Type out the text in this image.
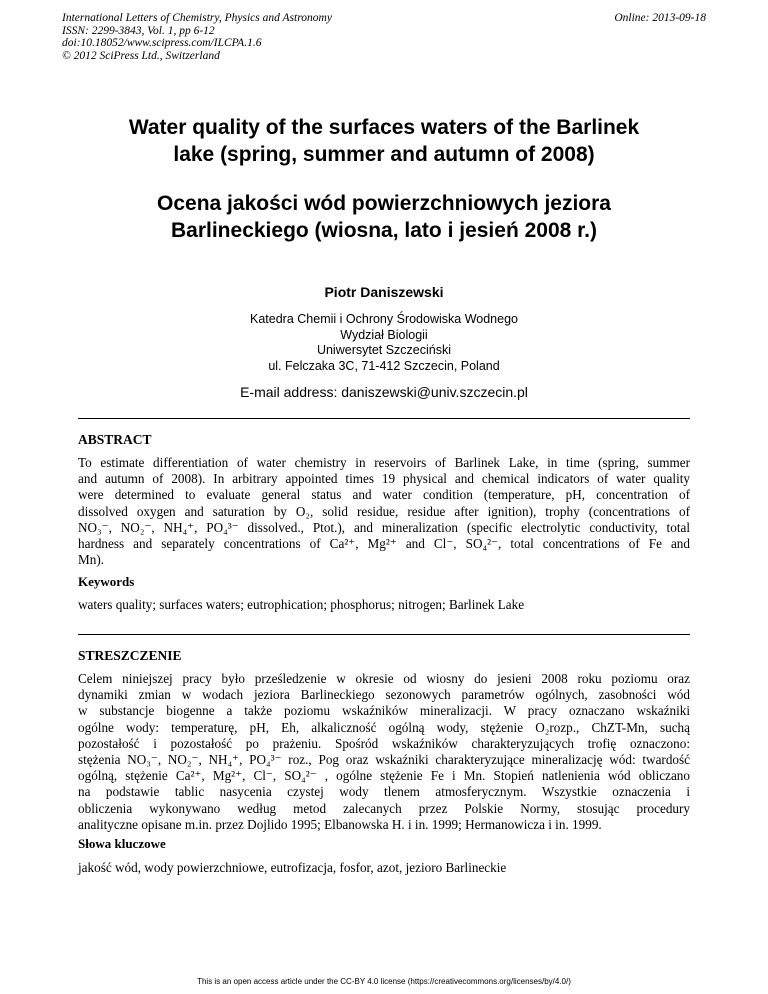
International Letters of Chemistry, Physics and Astronomy
ISSN: 2299-3843, Vol. 1, pp 6-12
doi:10.18052/www.scipress.com/ILCPA.1.6
© 2012 SciPress Ltd., Switzerland
Online: 2013-09-18
Water quality of the surfaces waters of the Barlinek
lake (spring, summer and autumn of 2008)
Ocena jakości wód powierzchniowych jeziora
Barlineckiego (wiosna, lato i jesień 2008 r.)
Piotr Daniszewski
Katedra Chemii i Ochrony Środowiska Wodnego
Wydział Biologii
Uniwersytet Szczeciński
ul. Felczaka 3C, 71-412 Szczecin, Poland
E-mail address: daniszewski@univ.szczecin.pl
ABSTRACT
To estimate differentiation of water chemistry in reservoirs of Barlinek Lake, in time (spring, summer
and autumn of 2008). In arbitrary appointed times 19 physical and chemical indicators of water quality
were determined to evaluate general status and water condition (temperature, pH, concentration of
dissolved oxygen and saturation by O₂, solid residue, residue after ignition), trophy (concentrations of
NO₃⁻, NO₂⁻, NH₄⁺, PO₄³⁻ dissolved., Ptot.), and mineralization (specific electrolytic conductivity, total
hardness and separately concentrations of Ca²⁺, Mg²⁺ and Cl⁻, SO₄²⁻, total concentrations of Fe and
Mn).
Keywords
waters quality; surfaces waters; eutrophication; phosphorus; nitrogen; Barlinek Lake
STRESZCZENIE
Celem niniejszej pracy było prześledzenie w okresie od wiosny do jesieni 2008 roku poziomu oraz
dynamiki zmian w wodach jeziora Barlineckiego sezonowych parametrów ogólnych, zasobności wód
w substancje biogenne a także poziomu wskaźników mineralizacji. W pracy oznaczano wskaźniki
ogólne wody: temperaturę, pH, Eh, alkaliczność ogólną wody, stężenie O₂rozp., ChZT-Mn, suchą
pozostałość i pozostałość po prażeniu. Spośród wskaźników charakteryzujących trofię oznaczono:
stężenia NO₃⁻, NO₂⁻, NH₄⁺, PO₄³⁻ roz., Pog oraz wskaźniki charakteryzujące mineralizację wód: twardość
ogólną, stężenie Ca²⁺, Mg²⁺, Cl⁻, SO₄²⁻ , ogólne stężenie Fe i Mn. Stopień natlenienia wód obliczano
na podstawie tablic nasycenia czystej wody tlenem atmosferycznym. Wszystkie oznaczenia i
obliczenia wykonywano według metod zalecanych przez Polskie Normy, stosując procedury
analityczne opisane m.in. przez Dojlido 1995; Elbanowska H. i in. 1999; Hermanowicza i in. 1999.
Słowa kluczowe
jakość wód, wody powierzchniowe, eutrofizacja, fosfor, azot, jezioro Barlineckie
This is an open access article under the CC-BY 4.0 license (https://creativecommons.org/licenses/by/4.0/)
